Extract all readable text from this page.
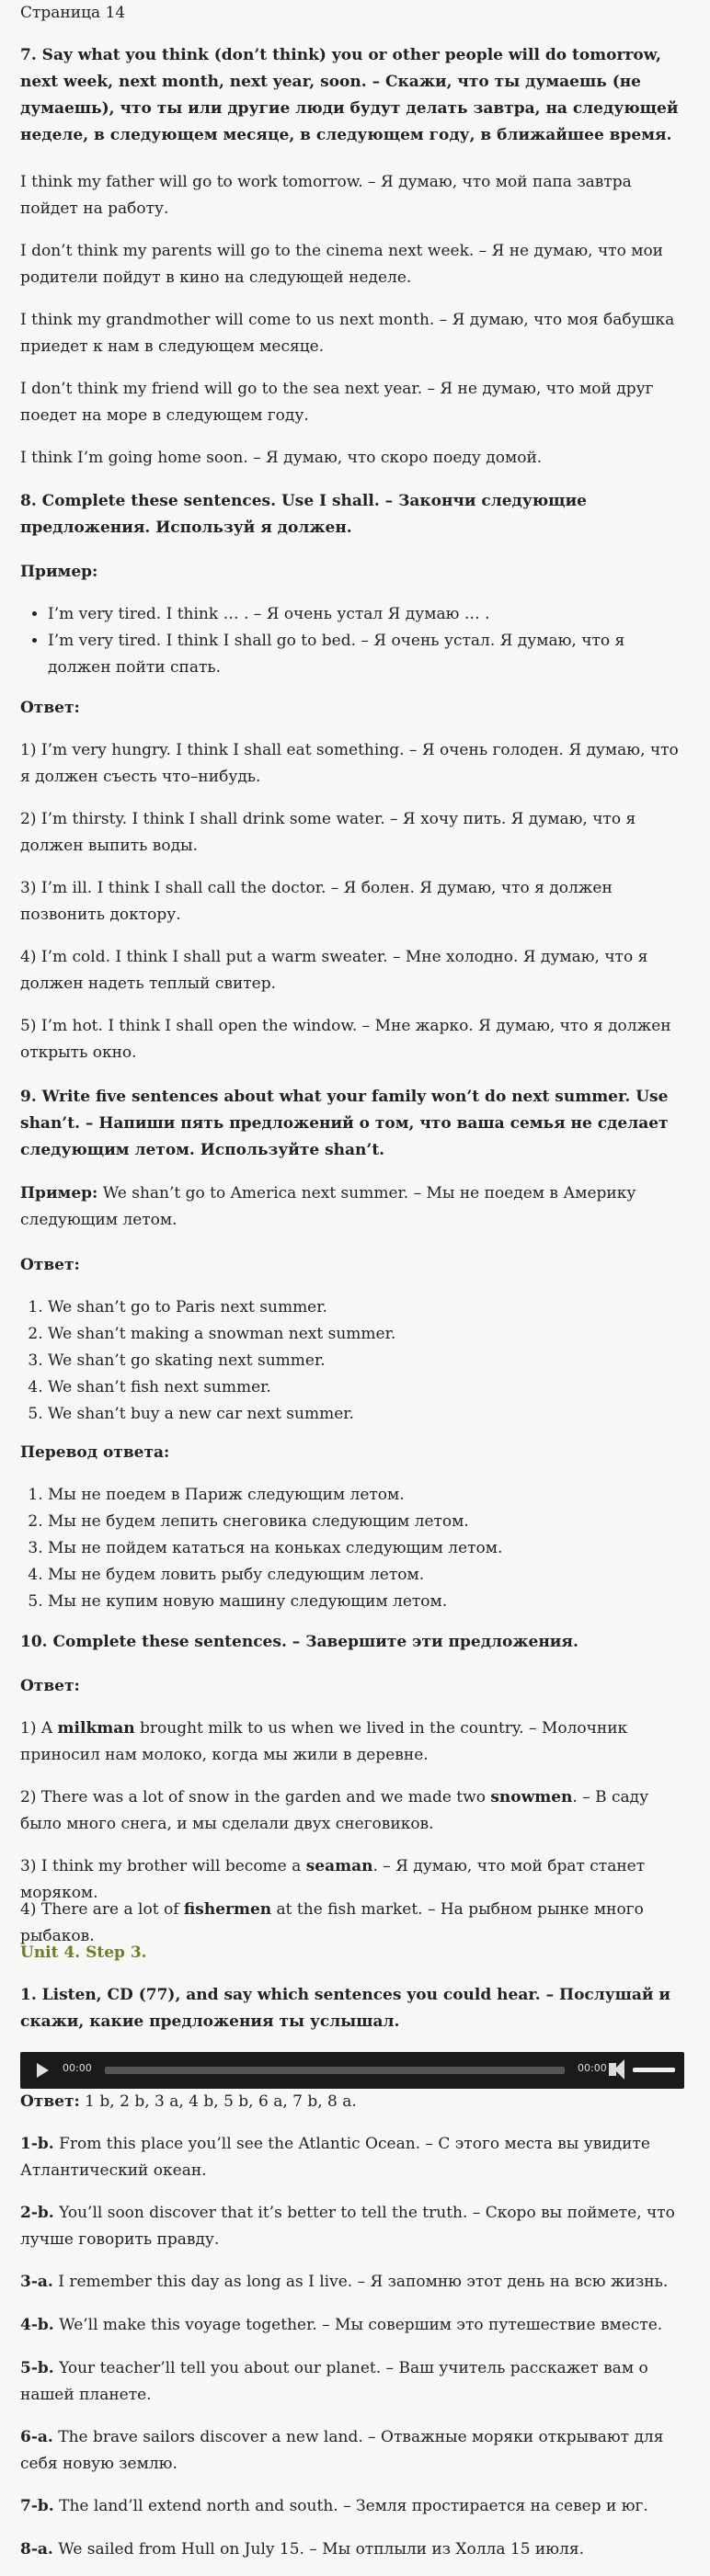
Страница 14

7. Say what you think (don’t think) you or other people will do tomorrow, next week, next month, next year, soon. – Скажи, что ты думаешь (не думаешь), что ты или другие люди будут делать завтра, на следующей неделе, в следующем месяце, в следующем году, в ближайшее время.

I think my father will go to work tomorrow. – Я думаю, что мой папа завтра пойдет на работу.

I don’t think my parents will go to the cinema next week. – Я не думаю, что мои родители пойдут в кино на следующей неделе.

I think my grandmother will come to us next month. – Я думаю, что моя бабушка приедет к нам в следующем месяце.

I don’t think my friend will go to the sea next year. – Я не думаю, что мой друг поедет на море в следующем году.

I think I’m going home soon. – Я думаю, что скоро поеду домой.

8. Complete these sentences. Use I shall. – Закончи следующие предложения. Используй я должен.

Пример:

• I’m very tired. I think … . – Я очень устал Я думаю … .
• I’m very tired. I think I shall go to bed. – Я очень устал. Я думаю, что я должен пойти спать.

Ответ:

1) I’m very hungry. I think I shall eat something. – Я очень голоден. Я думаю, что я должен съесть что–нибудь.

2) I’m thirsty. I think I shall drink some water. – Я хочу пить. Я думаю, что я должен выпить воды.

3) I’m ill. I think I shall call the doctor. – Я болен. Я думаю, что я должен позвонить доктору.

4) I’m cold. I think I shall put a warm sweater. – Мне холодно. Я думаю, что я должен надеть теплый свитер.

5) I’m hot. I think I shall open the window. – Мне жарко. Я думаю, что я должен открыть окно.

9. Write five sentences about what your family won’t do next summer. Use shan’t. – Напиши пять предложений о том, что ваша семья не сделает следующим летом. Используйте shan’t.

Пример: We shan’t go to America next summer. – Мы не поедем в Америку следующим летом.

Ответ:

1. We shan’t go to Paris next summer.
2. We shan’t making a snowman next summer.
3. We shan’t go skating next summer.
4. We shan’t fish next summer.
5. We shan’t buy a new car next summer.

Перевод ответа:

1. Мы не поедем в Париж следующим летом.
2. Мы не будем лепить снеговика следующим летом.
3. Мы не пойдем кататься на коньках следующим летом.
4. Мы не будем ловить рыбу следующим летом.
5. Мы не купим новую машину следующим летом.

10. Complete these sentences. – Завершите эти предложения.

Ответ:

1) A milkman brought milk to us when we lived in the country. – Молочник приносил нам молоко, когда мы жили в деревне.

2) There was a lot of snow in the garden and we made two snowmen. – В саду было много снега, и мы сделали двух снеговиков.

3) I think my brother will become a seaman. – Я думаю, что мой брат станет моряком.

4) There are a lot of fishermen at the fish market. – На рыбном рынке много рыбаков.

Unit 4. Step 3.

1. Listen, CD (77), and say which sentences you could hear. – Послушай и скажи, какие предложения ты услышал.

00:00	00:00

Ответ: 1 b, 2 b, 3 a, 4 b, 5 b, 6 a, 7 b, 8 a.

1-b. From this place you’ll see the Atlantic Ocean. – С этого места вы увидите Атлантический океан.

2-b. You’ll soon discover that it’s better to tell the truth. – Скоро вы поймете, что лучше говорить правду.

3-a. I remember this day as long as I live. – Я запомню этот день на всю жизнь.

4-b. We’ll make this voyage together. – Мы совершим это путешествие вместе.

5-b. Your teacher’ll tell you about our planet. – Ваш учитель расскажет вам о нашей планете.

6-a. The brave sailors discover a new land. – Отважные моряки открывают для себя новую землю.

7-b. The land’ll extend north and south. – Земля простирается на север и юг.

8-a. We sailed from Hull on July 15. – Мы отплыли из Холла 15 июля.
